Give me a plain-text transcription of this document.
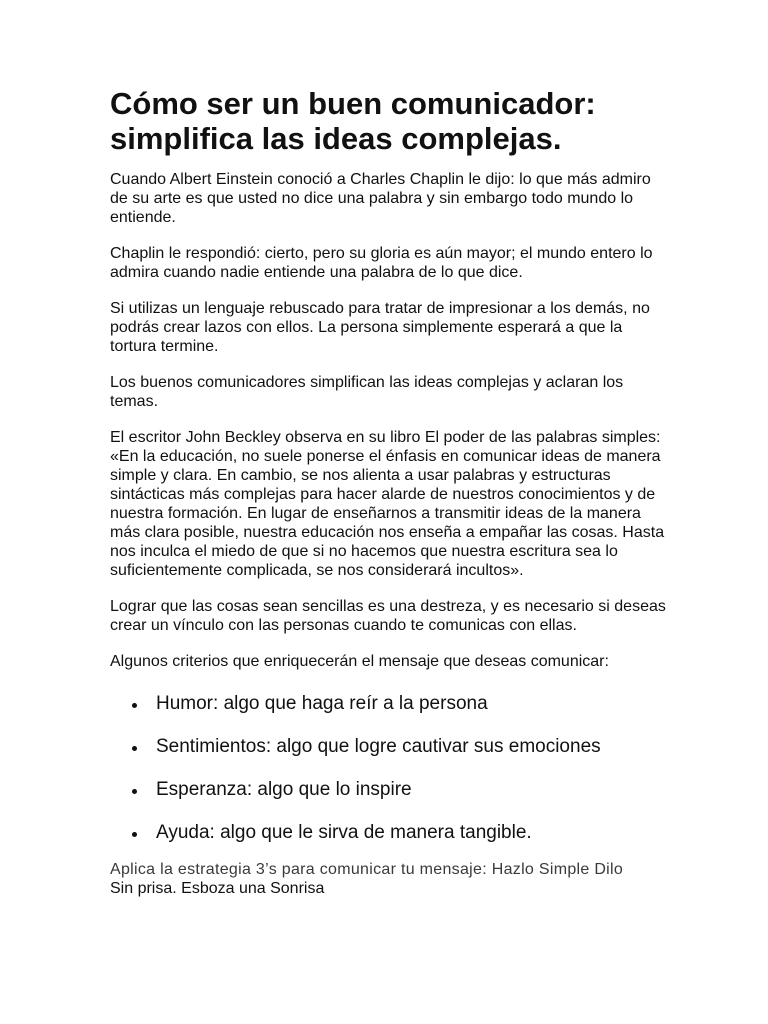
Cómo ser un buen comunicador:
simplifica las ideas complejas.

Cuando Albert Einstein conoció a Charles Chaplin le dijo: lo que más admiro de su arte es que usted no dice una palabra y sin embargo todo mundo lo entiende.

Chaplin le respondió: cierto, pero su gloria es aún mayor; el mundo entero lo admira cuando nadie entiende una palabra de lo que dice.

Si utilizas un lenguaje rebuscado para tratar de impresionar a los demás, no podrás crear lazos con ellos. La persona simplemente esperará a que la tortura termine.

Los buenos comunicadores simplifican las ideas complejas y aclaran los temas.

El escritor John Beckley observa en su libro El poder de las palabras simples: «En la educación, no suele ponerse el énfasis en comunicar ideas de manera simple y clara. En cambio, se nos alienta a usar palabras y estructuras sintácticas más complejas para hacer alarde de nuestros conocimientos y de nuestra formación. En lugar de enseñarnos a transmitir ideas de la manera más clara posible, nuestra educación nos enseña a empañar las cosas. Hasta nos inculca el miedo de que si no hacemos que nuestra escritura sea lo suficientemente complicada, se nos considerará incultos».

Lograr que las cosas sean sencillas es una destreza, y es necesario si deseas crear un vínculo con las personas cuando te comunicas con ellas.

Algunos criterios que enriquecerán el mensaje que deseas comunicar:

Humor: algo que haga reír a la persona
Sentimientos: algo que logre cautivar sus emociones
Esperanza: algo que lo inspire
Ayuda: algo que le sirva de manera tangible.

Aplica la estrategia 3’s para comunicar tu mensaje: Hazlo Simple Dilo
Sin prisa. Esboza una Sonrisa
